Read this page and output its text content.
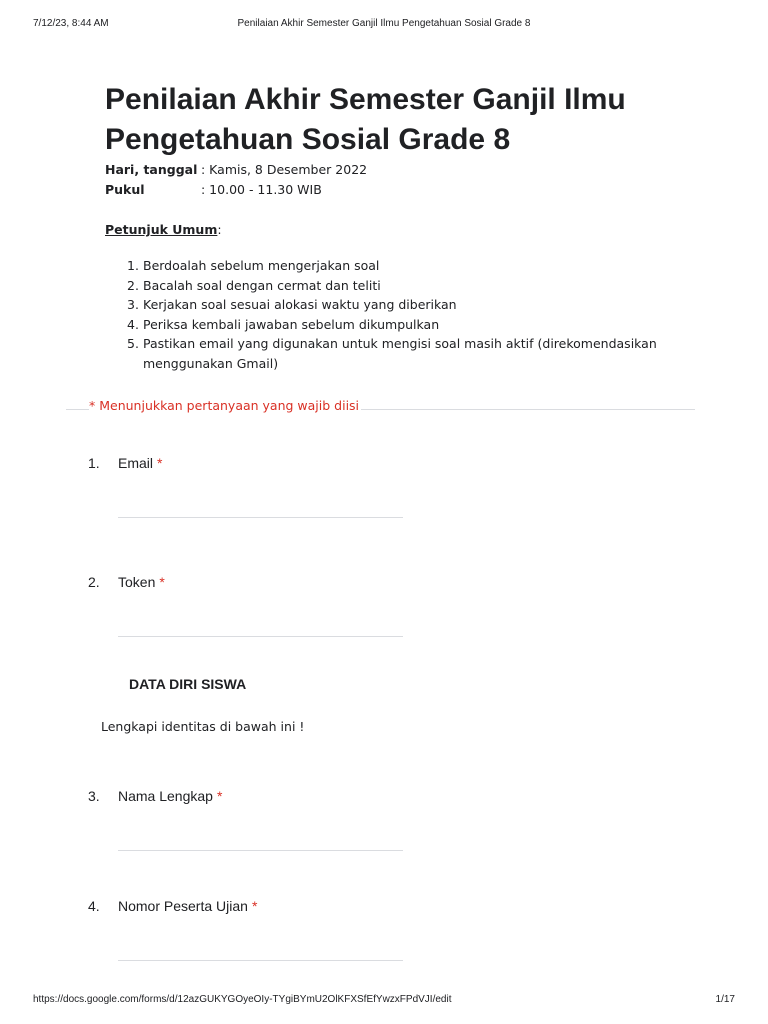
7/12/23, 8:44 AM	Penilaian Akhir Semester Ganjil Ilmu Pengetahuan Sosial Grade 8
Penilaian Akhir Semester Ganjil Ilmu Pengetahuan Sosial Grade 8
Hari, tanggal : Kamis, 8 Desember 2022
Pukul	: 10.00 - 11.30 WIB
Petunjuk Umum:
1. Berdoalah sebelum mengerjakan soal
2. Bacalah soal dengan cermat dan teliti
3. Kerjakan soal sesuai alokasi waktu yang diberikan
4. Periksa kembali jawaban sebelum dikumpulkan
5. Pastikan email yang digunakan untuk mengisi soal masih aktif (direkomendasikan menggunakan Gmail)
* Menunjukkan pertanyaan yang wajib diisi
1. Email *
2. Token *
DATA DIRI SISWA
Lengkapi identitas di bawah ini !
3. Nama Lengkap *
4. Nomor Peserta Ujian *
https://docs.google.com/forms/d/12azGUKYGOyeOIy-TYgiBYmU2OlKFXSfEfYwzxFPdVJI/edit	1/17
